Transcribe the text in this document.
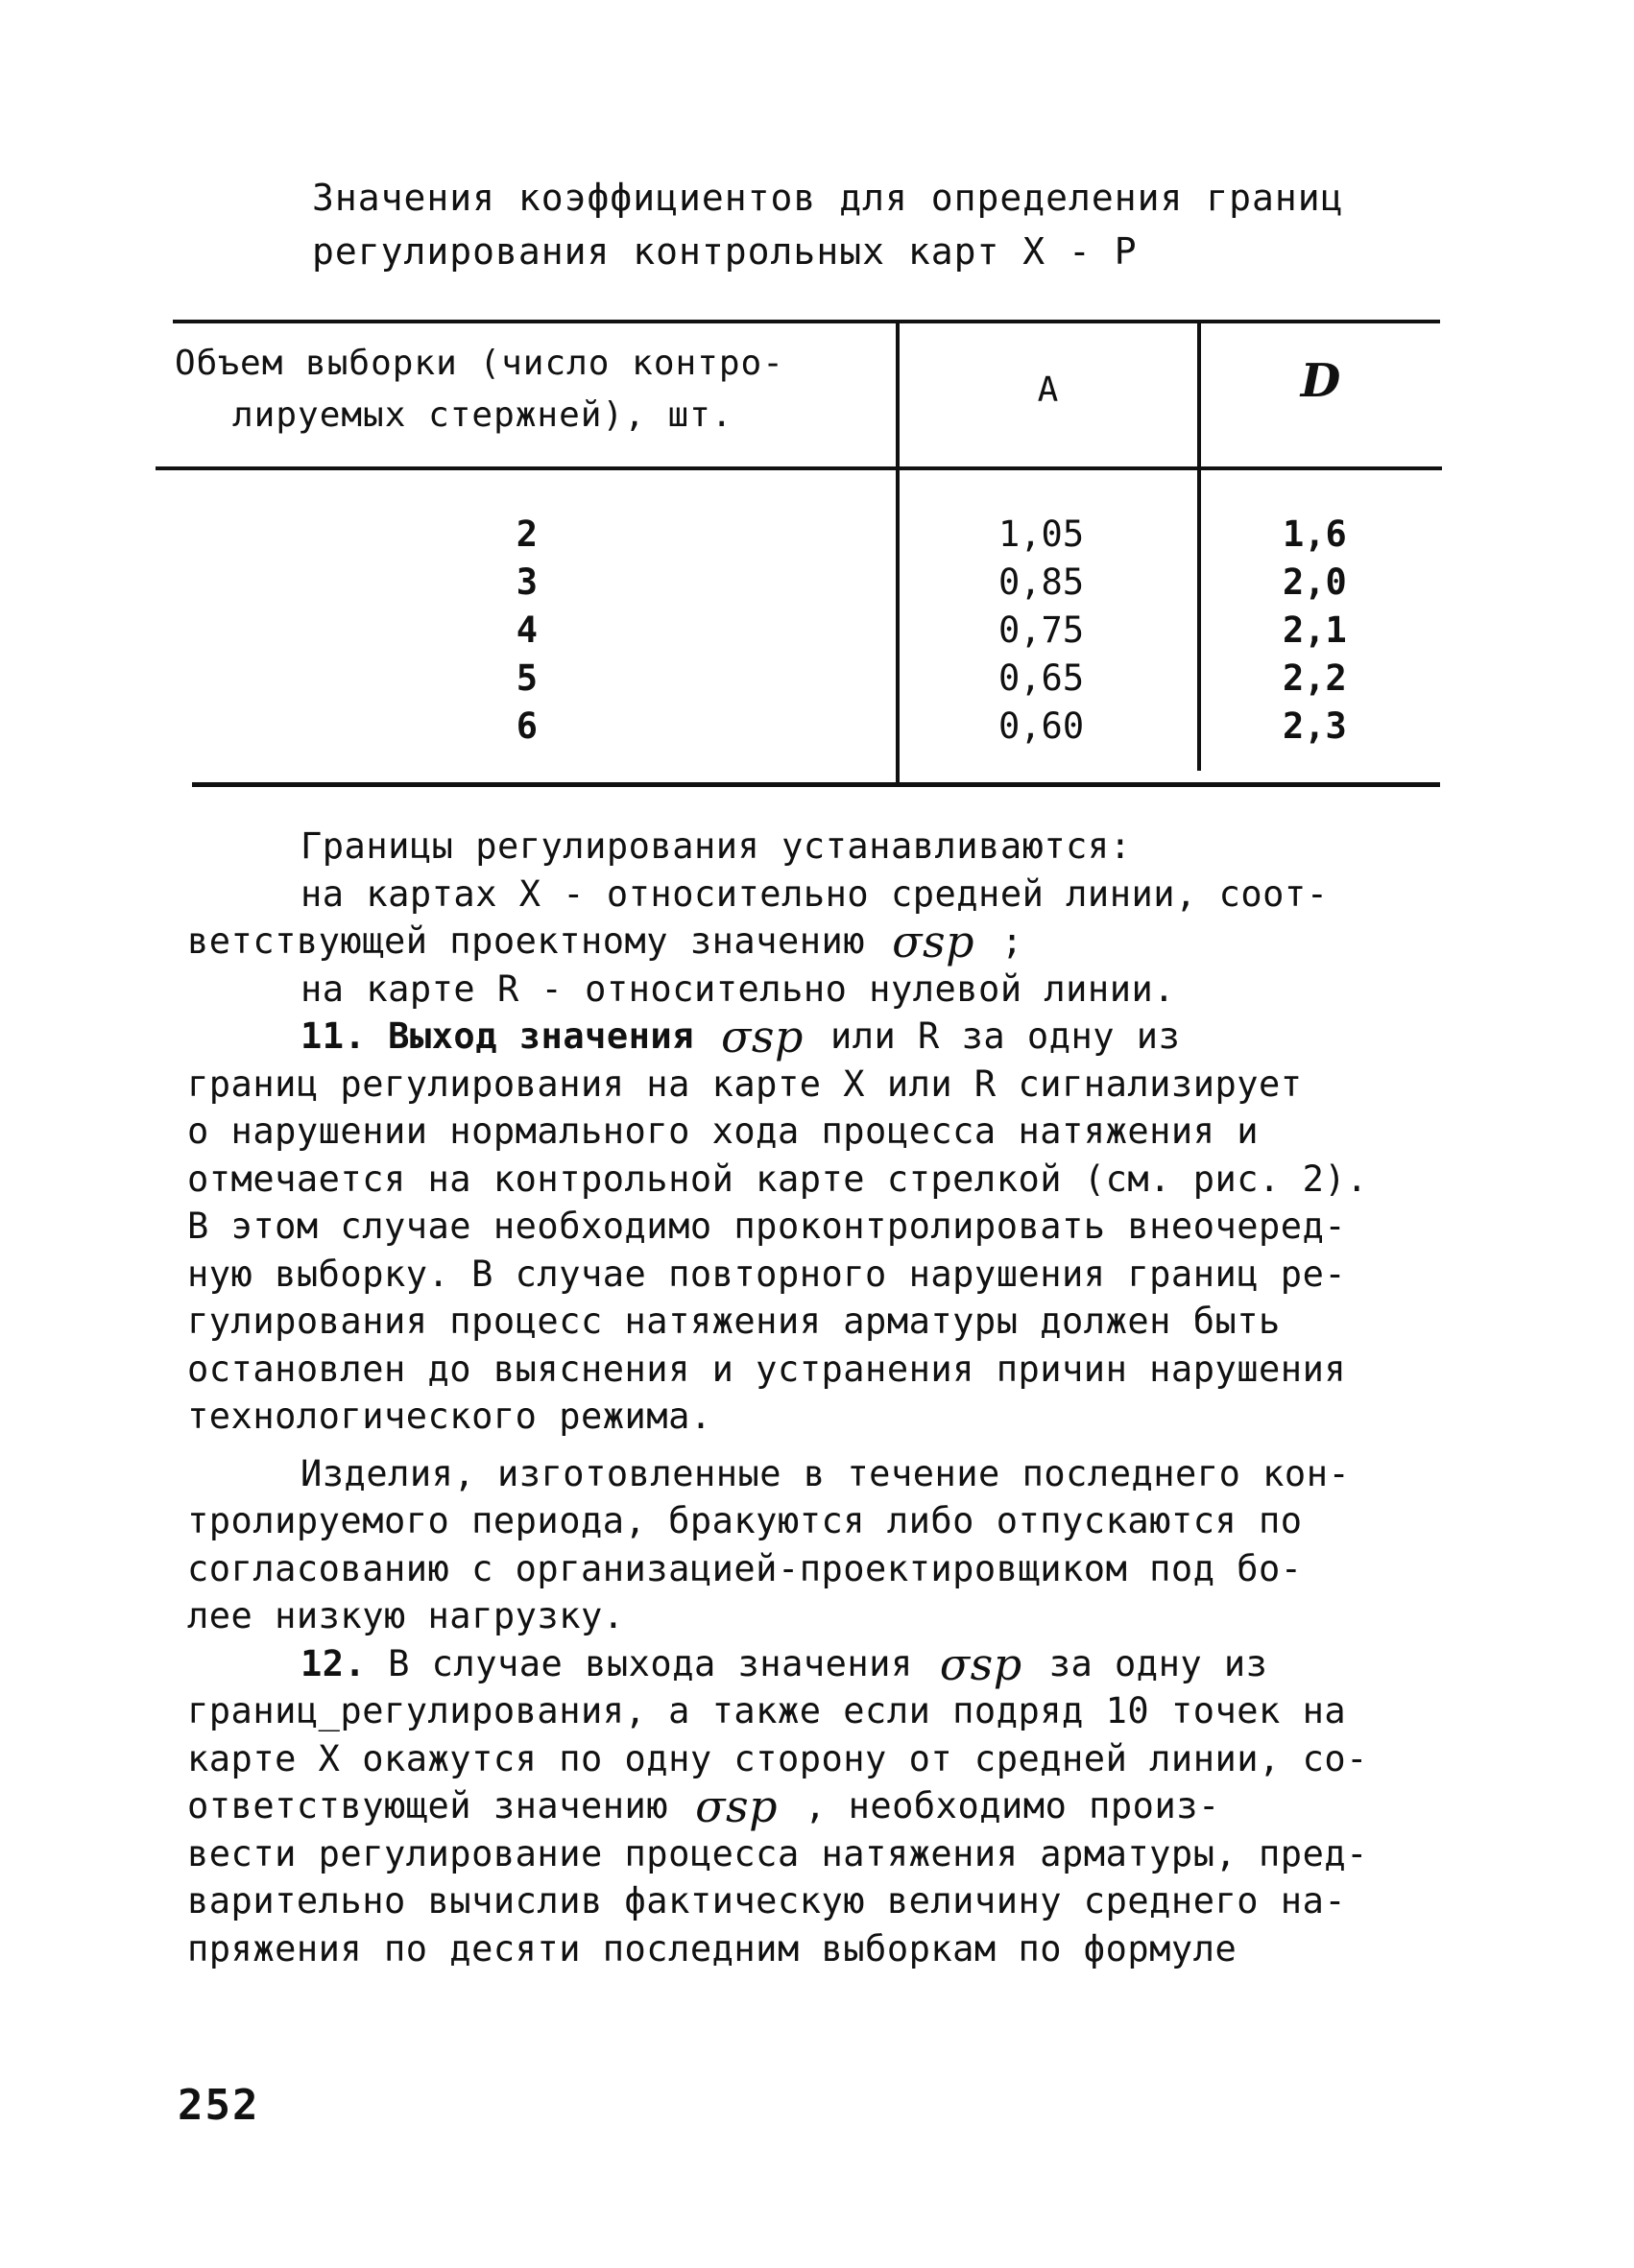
Значения коэффициентов для определения границ
регулирования контрольных карт X - P
Объем выборки (число контро-
лируемых стержней), шт.
А	D
2
3
4
5
6
1,05
0,85
0,75
0,65
0,60
1,6
2,0
2,1
2,2
2,3
Границы регулирования устанавливаются:
на картах X - относительно средней линии, соот-
ветствующей проектному значению σsp ;
на карте R - относительно нулевой линии.
11. Выход значения σsp или R за одну из
границ регулирования на карте X или R сигнализирует
о нарушении нормального хода процесса натяжения и
отмечается на контрольной карте стрелкой (см. рис. 2).
В этом случае необходимо проконтролировать внеочеред-
ную выборку. В случае повторного нарушения границ ре-
гулирования процесс натяжения арматуры должен быть
остановлен до выяснения и устранения причин нарушения
технологического режима.
Изделия, изготовленные в течение последнего кон-
тролируемого периода, бракуются либо отпускаются по
согласованию с организацией-проектировщиком под бо-
лее низкую нагрузку.
12. В случае выхода значения σsp за одну из
границ_регулирования, а также если подряд 10 точек на
карте X окажутся по одну сторону от средней линии, со-
ответствующей значению σsp , необходимо произ-
вести регулирование процесса натяжения арматуры, пред-
варительно вычислив фактическую величину среднего на-
пряжения по десяти последним выборкам по формуле
252
